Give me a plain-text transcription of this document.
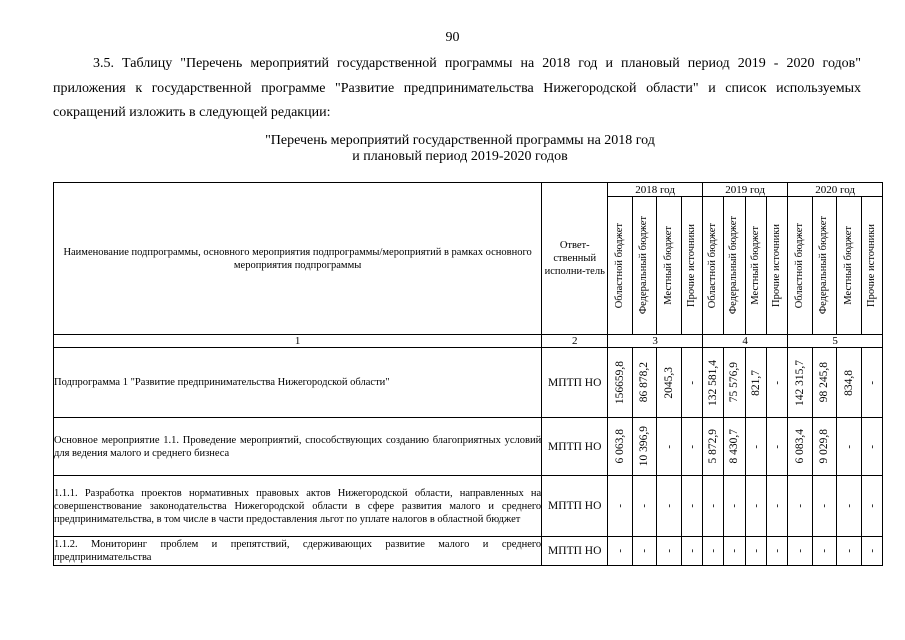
90
3.5. Таблицу "Перечень мероприятий государственной программы на 2018 год и плановый период 2019 - 2020 годов" приложения к государственной программе "Развитие предпринимательства Нижегородской области" и список используемых сокращений изложить в следующей редакции:
"Перечень мероприятий государственной программы на 2018 год
и плановый период 2019-2020 годов
Наименование подпрограммы, основного мероприятия подпрограммы/мероприятий в рамках основного мероприятия подпрограммы	Ответ-ственный исполни-тель	2018 год				2019 год				2020 год			

		Областной бюджет	Федеральный бюджет	Местный бюджет	Прочие источники	Областной бюджет	Федеральный бюджет	Местный бюджет	Прочие источники	Областной бюджет	Федеральный бюджет	Местный бюджет	Прочие источники

1	2	3				4				5			
Подпрограмма 1 "Развитие предпринимательства Нижегородской области"	МПТП НО	156659,8	86 878,2	2045,3	-	132 581,4	75 576,9	821,7	-	142 315,7	98 245,8	834,8	-

Основное мероприятие 1.1. Проведение мероприятий, способствующих созданию благоприятных условий для ведения малого и среднего бизнеса	МПТП НО	6 063,8	10 396,9	-	-	5 872,9	8 430,7	-	-	6 083,4	9 029,8	-	-

1.1.1. Разработка проектов нормативных правовых актов Нижегородской области, направленных на совершенствование законодательства Нижегородской области в сфере развития малого и среднего предпринимательства, в том числе в части предоставления льгот по уплате налогов в областной бюджет	МПТП НО	-	-	-	-	-	-	-	-	-	-	-	-

1.1.2. Мониторинг проблем и препятствий, сдерживающих развитие малого и среднего предпринимательства	МПТП НО	-	-	-	-	-	-	-	-	-	-	-	-
